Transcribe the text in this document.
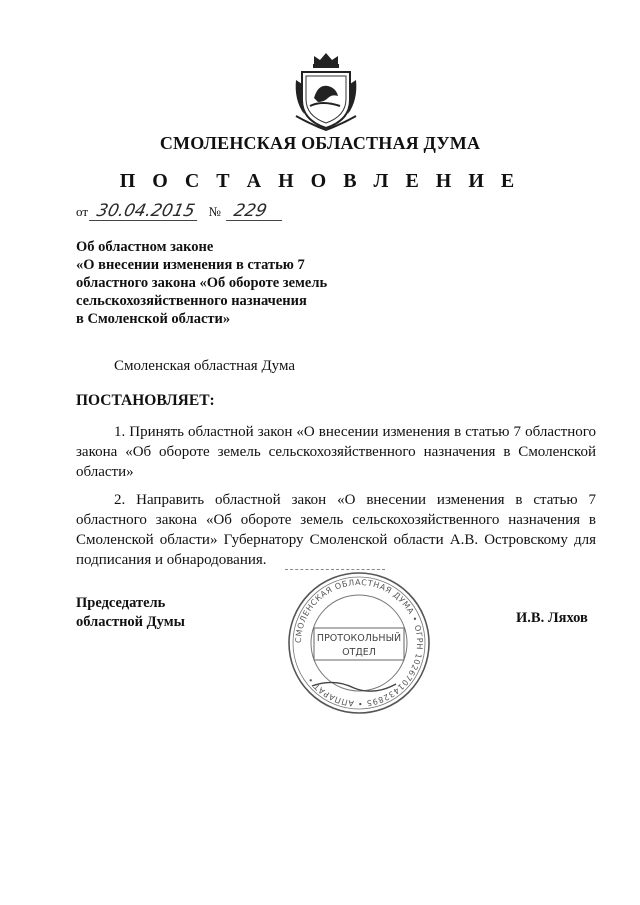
СМОЛЕНСКАЯ ОБЛАСТНАЯ ДУМА
П О С Т А Н О В Л Е Н И Е
от 30.04.2015 № 229
Об областном законе
«О внесении изменения в статью 7
областного закона «Об обороте земель
сельскохозяйственного назначения
в Смоленской области»
Смоленская областная Дума
ПОСТАНОВЛЯЕТ:
1. Принять областной закон «О внесении изменения в статью 7 областного закона «Об обороте земель сельскохозяйственного назначения в Смоленской области»
2. Направить областной закон «О внесении изменения в статью 7 областного закона «Об обороте земель сельскохозяйственного назначения в Смоленской области» Губернатору Смоленской области А.В. Островскому для подписания и обнародования.
Председатель
областной Думы	И.В. Ляхов
СМОЛЕНСКАЯ ОБЛАСТНАЯ ДУМА • ОГРН 1026701432895 • АППАРАТ •
ПРОТОКОЛЬНЫЙ
ОТДЕЛ
